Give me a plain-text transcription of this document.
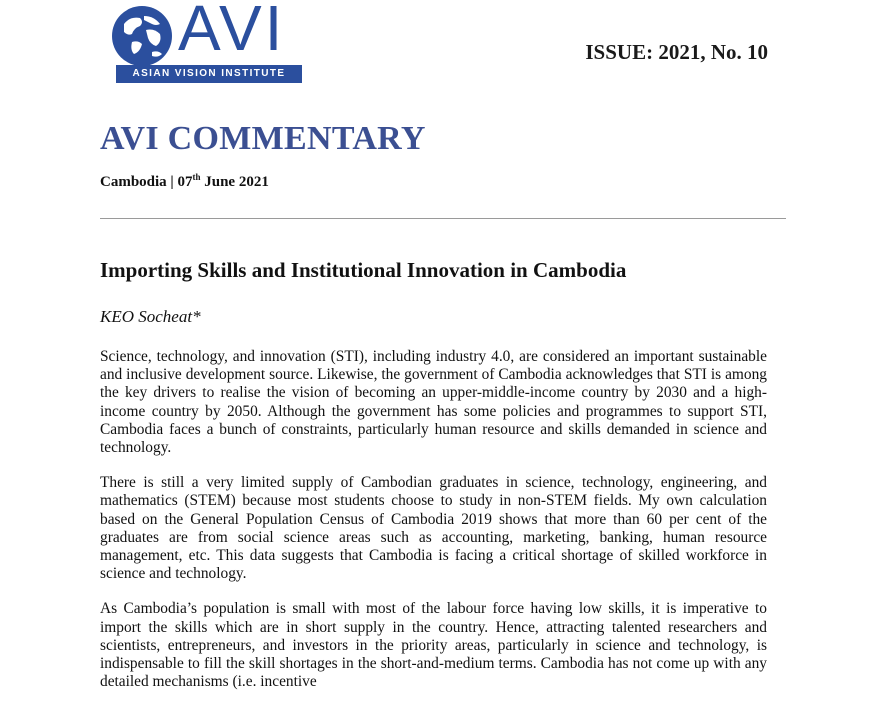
AVI
ASIAN VISION INSTITUTE
ISSUE: 2021, No. 10
AVI COMMENTARY
Cambodia | 07th June 2021
Importing Skills and Institutional Innovation in Cambodia
KEO Socheat*

Science, technology, and innovation (STI), including industry 4.0, are considered an important sustainable and inclusive development source. Likewise, the government of Cambodia acknowledges that STI is among the key drivers to realise the vision of becoming an upper-middle-income country by 2030 and a high-income country by 2050. Although the government has some policies and programmes to support STI, Cambodia faces a bunch of constraints, particularly human resource and skills demanded in science and technology.

There is still a very limited supply of Cambodian graduates in science, technology, engineering, and mathematics (STEM) because most students choose to study in non-STEM fields. My own calculation based on the General Population Census of Cambodia 2019 shows that more than 60 per cent of the graduates are from social science areas such as accounting, marketing, banking, human resource management, etc. This data suggests that Cambodia is facing a critical shortage of skilled workforce in science and technology.

As Cambodia’s population is small with most of the labour force having low skills, it is imperative to import the skills which are in short supply in the country. Hence, attracting talented researchers and scientists, entrepreneurs, and investors in the priority areas, particularly in science and technology, is indispensable to fill the skill shortages in the short-and-medium terms. Cambodia has not come up with any detailed mechanisms (i.e. incentive
